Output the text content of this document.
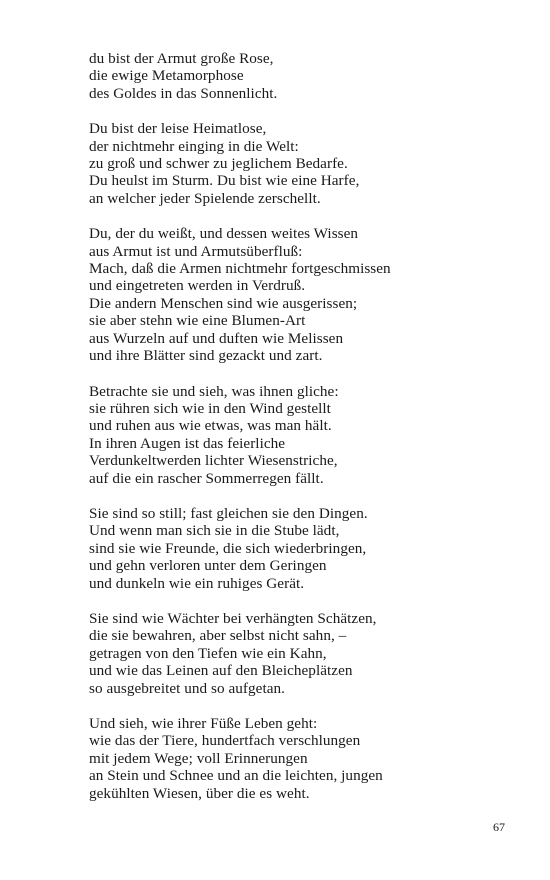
du bist der Armut große Rose,
die ewige Metamorphose
des Goldes in das Sonnenlicht.
Du bist der leise Heimatlose,
der nichtmehr einging in die Welt:
zu groß und schwer zu jeglichem Bedarfe.
Du heulst im Sturm. Du bist wie eine Harfe,
an welcher jeder Spielende zerschellt.
Du, der du weißt, und dessen weites Wissen
aus Armut ist und Armutsüberfluß:
Mach, daß die Armen nichtmehr fortgeschmissen
und eingetreten werden in Verdruß.
Die andern Menschen sind wie ausgerissen;
sie aber stehn wie eine Blumen-Art
aus Wurzeln auf und duften wie Melissen
und ihre Blätter sind gezackt und zart.
Betrachte sie und sieh, was ihnen gliche:
sie rühren sich wie in den Wind gestellt
und ruhen aus wie etwas, was man hält.
In ihren Augen ist das feierliche
Verdunkeltwerden lichter Wiesenstriche,
auf die ein rascher Sommerregen fällt.
Sie sind so still; fast gleichen sie den Dingen.
Und wenn man sich sie in die Stube lädt,
sind sie wie Freunde, die sich wiederbringen,
und gehn verloren unter dem Geringen
und dunkeln wie ein ruhiges Gerät.
Sie sind wie Wächter bei verhängten Schätzen,
die sie bewahren, aber selbst nicht sahn, –
getragen von den Tiefen wie ein Kahn,
und wie das Leinen auf den Bleicheplätzen
so ausgebreitet und so aufgetan.
Und sieh, wie ihrer Füße Leben geht:
wie das der Tiere, hundertfach verschlungen
mit jedem Wege; voll Erinnerungen
an Stein und Schnee und an die leichten, jungen
gekühlten Wiesen, über die es weht.
67
